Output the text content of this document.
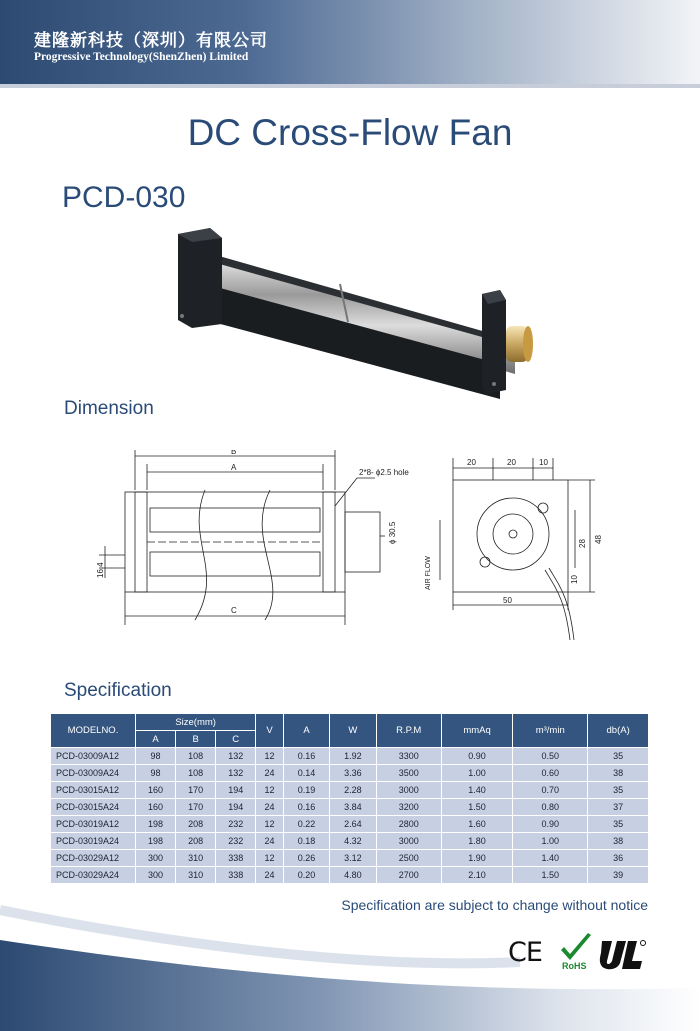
建隆新科技（深圳）有限公司
Progressive Technology(ShenZhen) Limited
DC Cross-Flow Fan
PCD-030
Dimension
B
A
C
2*8- ϕ2.5 hole
ϕ 30.5
16.4	AIR FLOW
20	20	10
28 48
10
50
Specification
MODELNO.	Size(mm)			V	A	W	R.P.M	mmAq	m³/min	db(A)
	A	B	C							
PCD-03009A12	98	108	132	12	0.16	1.92	3300	0.90	0.50	35
PCD-03009A24	98	108	132	24	0.14	3.36	3500	1.00	0.60	38
PCD-03015A12	160	170	194	12	0.19	2.28	3000	1.40	0.70	35
PCD-03015A24	160	170	194	24	0.16	3.84	3200	1.50	0.80	37
PCD-03019A12	198	208	232	12	0.22	2.64	2800	1.60	0.90	35
PCD-03019A24	198	208	232	24	0.18	4.32	3000	1.80	1.00	38
PCD-03029A12	300	310	338	12	0.26	3.12	2500	1.90	1.40	36
PCD-03029A24	300	310	338	24	0.20	4.80	2700	2.10	1.50	39
Specification are subject to change without notice
CE RoHS
